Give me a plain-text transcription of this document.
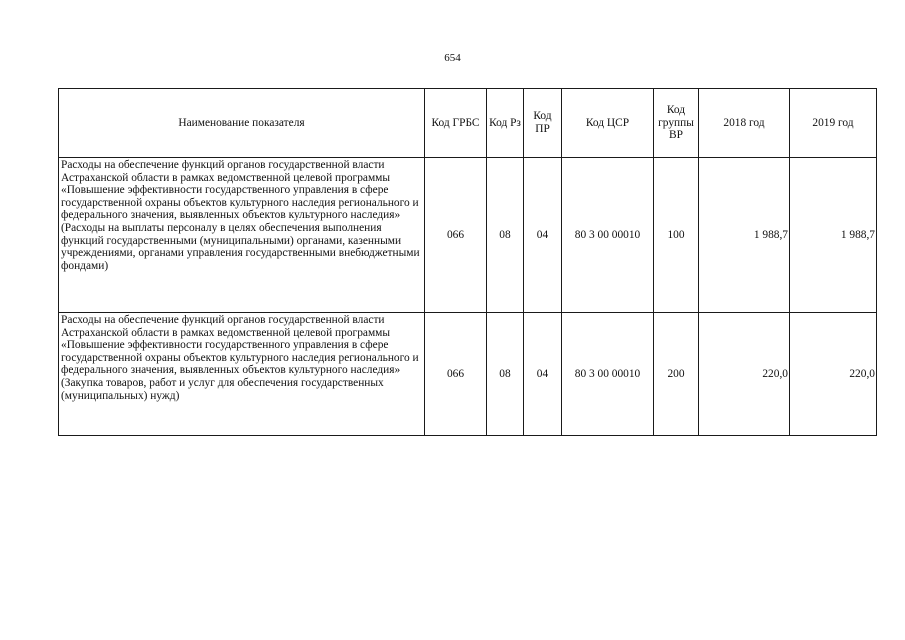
654
Наименование показателя	Код ГРБС	Код Рз	Код ПР	Код ЦСР	Код группы ВР	2018 год	2019 год
Расходы на обеспечение функций органов государственной власти Астраханской области в рамках ведомственной целевой программы «Повышение эффективности государственного управления в сфере государственной охраны объектов культурного наследия регионального и федерального значения, выявленных объектов культурного наследия» (Расходы на выплаты персоналу в целях обеспечения выполнения функций государственными (муниципальными) органами, казенными учреждениями, органами управления государственными внебюджетными фондами)	066	08	04	80 3 00 00010	100	1 988,7	1 988,7
Расходы на обеспечение функций органов государственной власти Астраханской области в рамках ведомственной целевой программы «Повышение эффективности государственного управления в сфере государственной охраны объектов культурного наследия регионального и федерального значения, выявленных объектов культурного наследия» (Закупка товаров, работ и услуг для обеспечения государственных (муниципальных) нужд)	066	08	04	80 3 00 00010	200	220,0	220,0
